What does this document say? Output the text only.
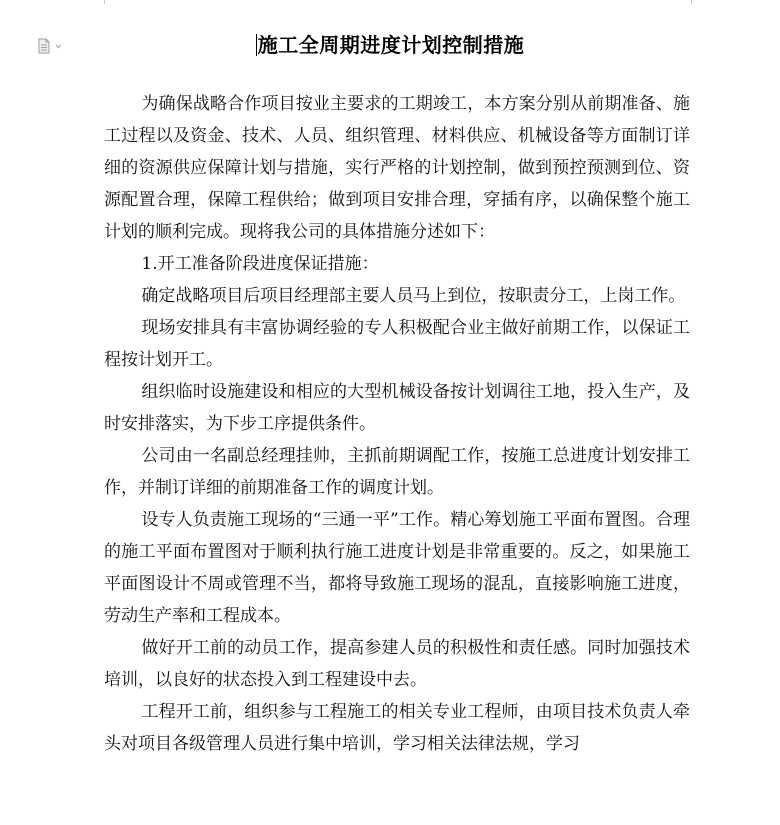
施工全周期进度计划控制措施

为确保战略合作项目按业主要求的工期竣工，本方案分别从前期准备、施工过程以及资金、技术、人员、组织管理、材料供应、机械设备等方面制订详细的资源供应保障计划与措施，实行严格的计划控制，做到预控预测到位、资源配置合理，保障工程供给；做到项目安排合理，穿插有序，以确保整个施工计划的顺利完成。现将我公司的具体措施分述如下：

1.开工准备阶段进度保证措施：

确定战略项目后项目经理部主要人员马上到位，按职责分工，上岗工作。

现场安排具有丰富协调经验的专人积极配合业主做好前期工作，以保证工程按计划开工。

组织临时设施建设和相应的大型机械设备按计划调往工地，投入生产，及时安排落实，为下步工序提供条件。

公司由一名副总经理挂帅，主抓前期调配工作，按施工总进度计划安排工作，并制订详细的前期准备工作的调度计划。

设专人负责施工现场的“三通一平”工作。精心筹划施工平面布置图。合理的施工平面布置图对于顺利执行施工进度计划是非常重要的。反之，如果施工平面图设计不周或管理不当，都将导致施工现场的混乱，直接影响施工进度，劳动生产率和工程成本。

做好开工前的动员工作，提高参建人员的积极性和责任感。同时加强技术培训，以良好的状态投入到工程建设中去。

工程开工前，组织参与工程施工的相关专业工程师，由项目技术负责人牵头对项目各级管理人员进行集中培训，学习相关法律法规，学习
